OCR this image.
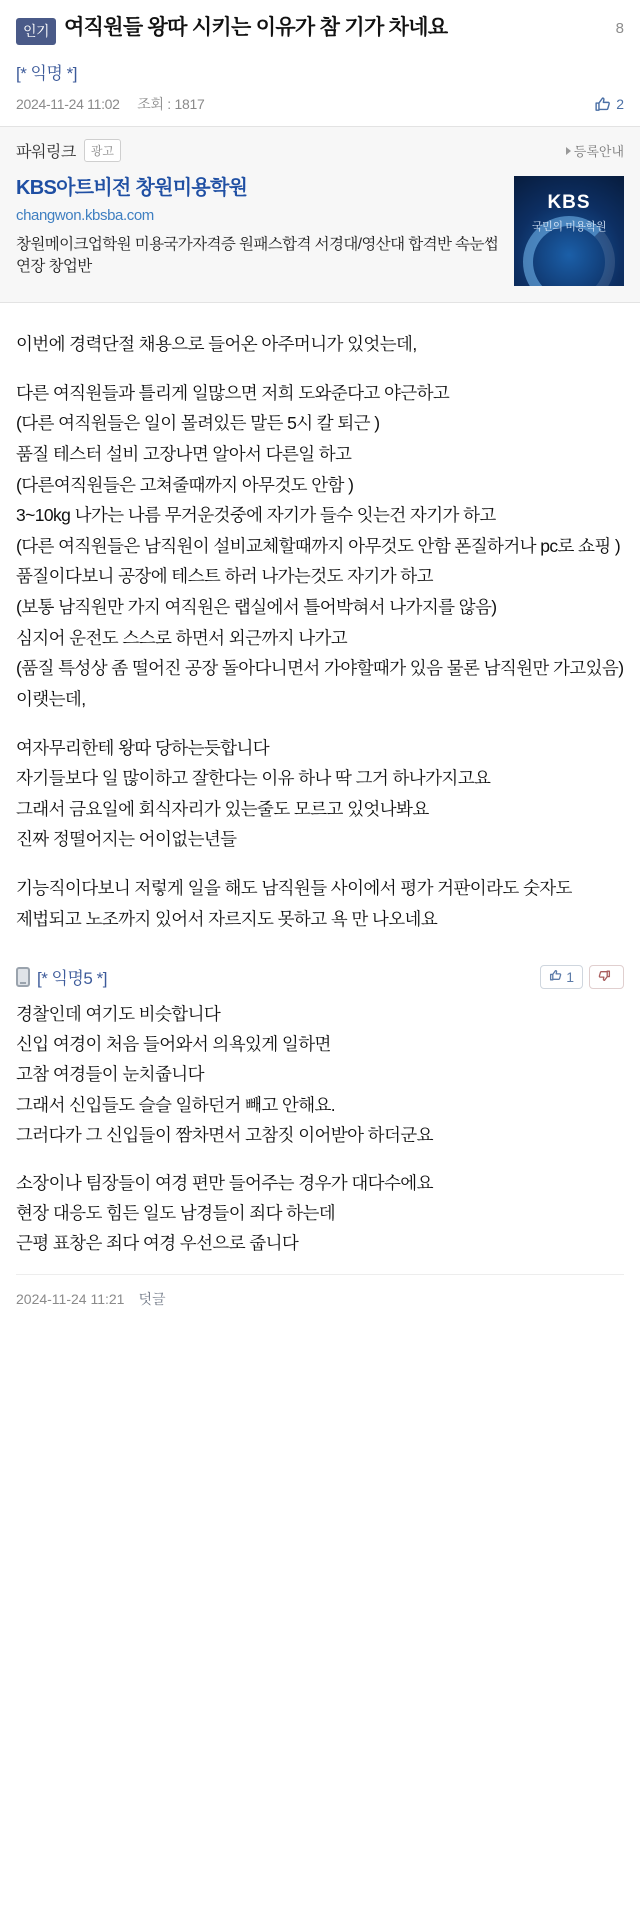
인기 여직원들 왕따 시키는 이유가 참 기가 차네요	8
[* 익명 *]
2024-11-24 11:02 조회 : 1817	2
파워링크	광고	등록안내
KBS아트비전 창원미용학원
changwon.kbsba.com
창원메이크업학원 미용국가자격증 원패스합격 서경대/영산대 합격반 속눈썹연장 창업반
KBS
국민의 미용학원

이번에 경력단절 채용으로 들어온 아주머니가 있엇는데,

다른 여직원들과 틀리게 일많으면 저희 도와준다고 야근하고

(다른 여직원들은 일이 몰려있든 말든 5시 칼 퇴근 )

품질 테스터 설비 고장나면 알아서 다른일 하고

(다른여직원들은 고쳐줄때까지 아무것도 안함 )

3~10kg 나가는 나름 무거운것중에 자기가 들수 잇는건 자기가 하고

(다른 여직원들은 남직원이 설비교체할때까지 아무것도 안함 폰질하거나 pc로 쇼핑 )

품질이다보니 공장에 테스트 하러 나가는것도 자기가 하고

(보통 남직원만 가지 여직원은 랩실에서 틀어박혀서 나가지를 않음)

심지어 운전도 스스로 하면서 외근까지 나가고

(품질 특성상 좀 떨어진 공장 돌아다니면서 가야할때가 있음 물론 남직원만 가고있음)

이랫는데,

여자무리한테 왕따 당하는듯합니다

자기들보다 일 많이하고 잘한다는 이유 하나 딱 그거 하나가지고요

그래서 금요일에 회식자리가 있는줄도 모르고 있엇나봐요

진짜 정떨어지는 어이없는년들

기능직이다보니 저렇게 일을 해도 남직원들 사이에서 평가 거판이라도 숫자도 제법되고 노조까지 있어서 자르지도 못하고 욕 만 나오네요

[* 익명5 *]	1

경찰인데 여기도 비슷합니다

신입 여경이 처음 들어와서 의욕있게 일하면

고참 여경들이 눈치줍니다

그래서 신입들도 슬슬 일하던거 빼고 안해요.

그러다가 그 신입들이 짬차면서 고참짓 이어받아 하더군요

소장이나 팀장들이 여경 편만 들어주는 경우가 대다수에요

현장 대응도 힘든 일도 남경들이 죄다 하는데

근평 표창은 죄다 여경 우선으로 줍니다

2024-11-24 11:21 덧글
